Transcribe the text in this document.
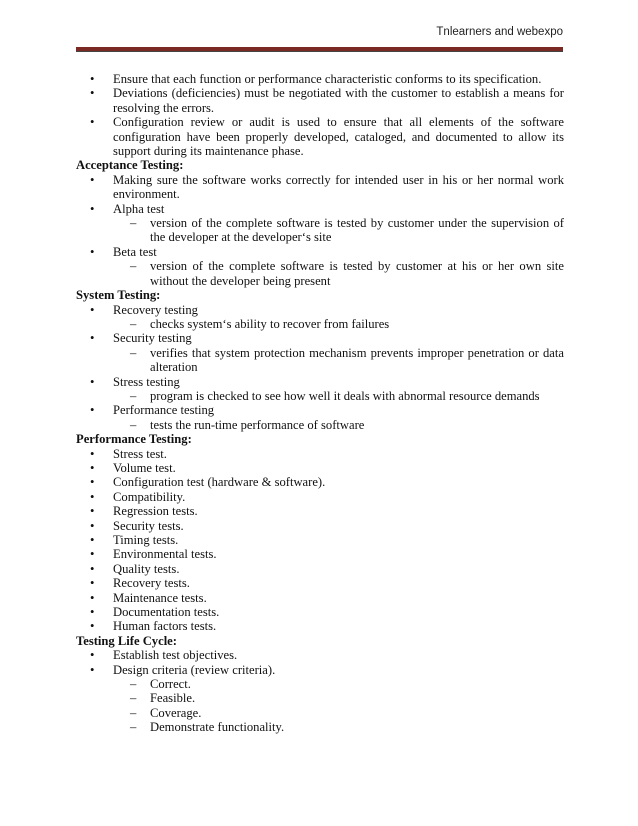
Tnlearners and webexpo
• Ensure that each function or performance characteristic conforms to its specification.
• Deviations (deficiencies) must be negotiated with the customer to establish a means for resolving the errors.
• Configuration review or audit is used to ensure that all elements of the software configuration have been properly developed, cataloged, and documented to allow its support during its maintenance phase.

Acceptance Testing:

• Making sure the software works correctly for intended user in his or her normal work environment.
• Alpha test
– version of the complete software is tested by customer under the supervision of the developer at the developer‘s site
• Beta test
– version of the complete software is tested by customer at his or her own site without the developer being present

System Testing:

• Recovery testing
– checks system‘s ability to recover from failures
• Security testing
– verifies that system protection mechanism prevents improper penetration or data alteration
• Stress testing
– program is checked to see how well it deals with abnormal resource demands
• Performance testing
– tests the run-time performance of software

Performance Testing:

• Stress test.
• Volume test.
• Configuration test (hardware & software).
• Compatibility.
• Regression tests.
• Security tests.
• Timing tests.
• Environmental tests.
• Quality tests.
• Recovery tests.
• Maintenance tests.
• Documentation tests.
• Human factors tests.

Testing Life Cycle:

• Establish test objectives.
• Design criteria (review criteria).
– Correct.
– Feasible.
– Coverage.
– Demonstrate functionality.
